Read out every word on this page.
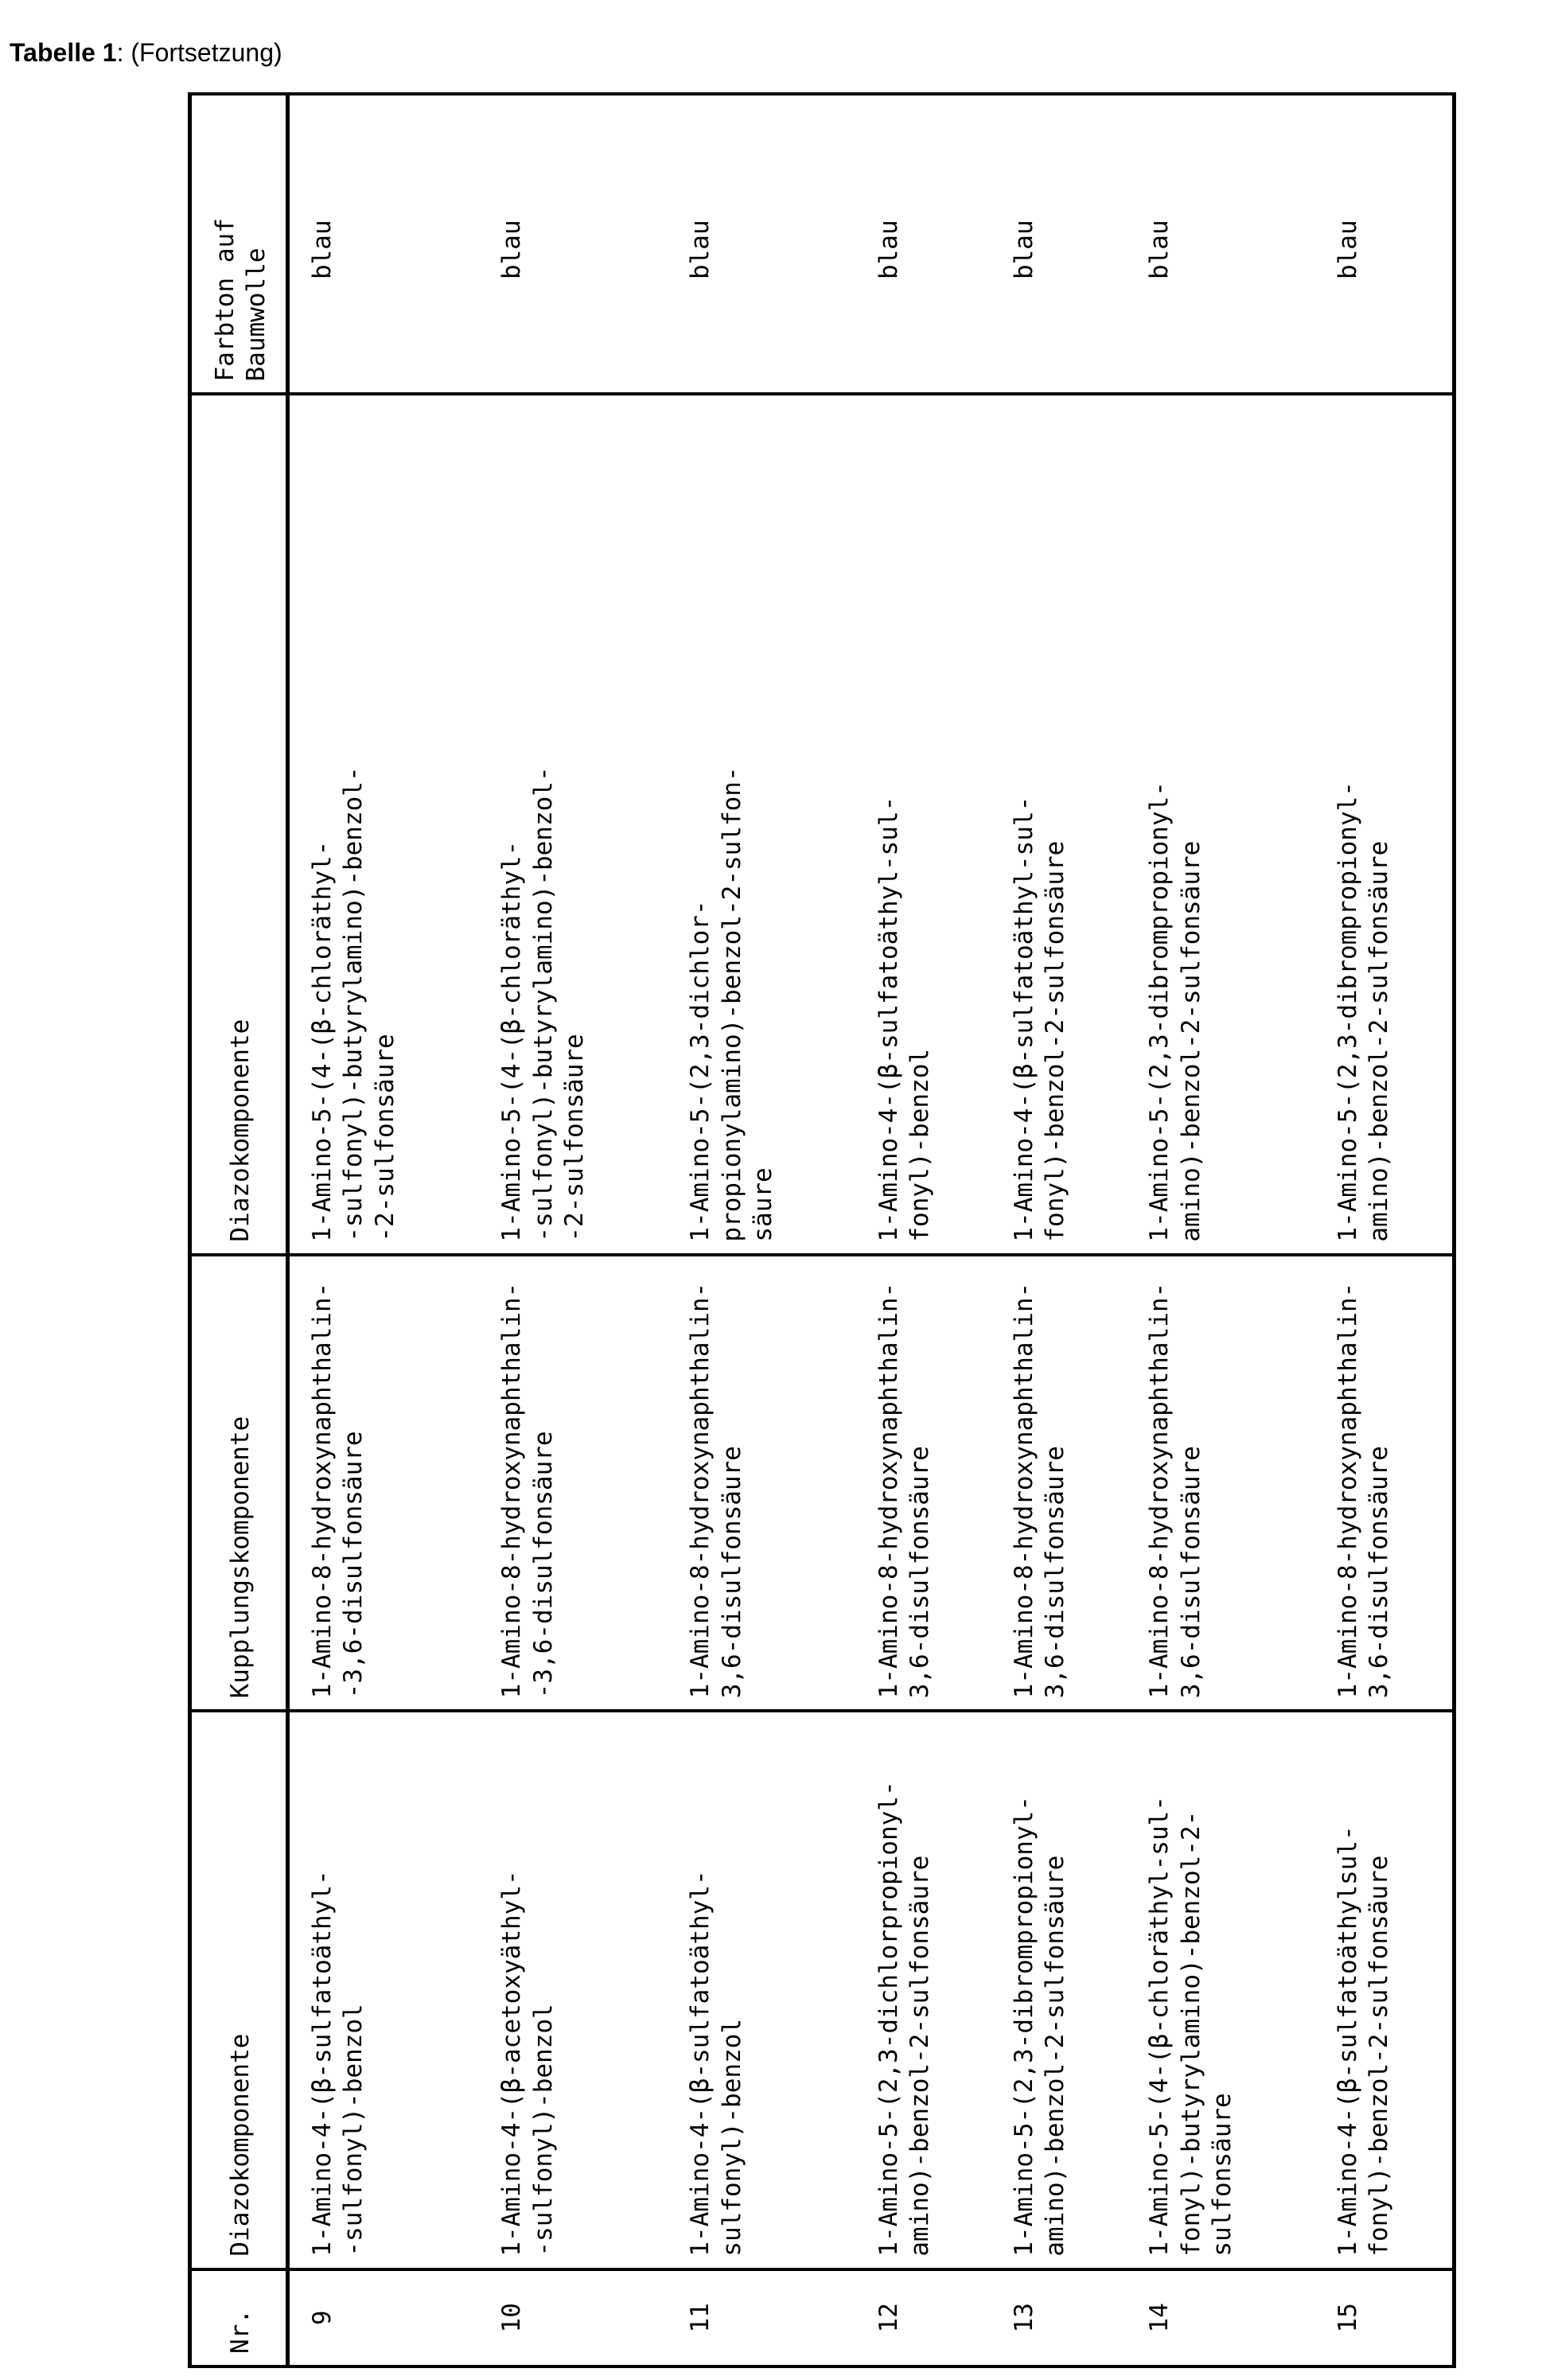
Tabelle 1: (Fortsetzung)
Nr.	Diazokomponente	Kupplungskomponente	Diazokomponente	Farbton auf
Baumwolle
9	1-Amino-4-(β-sulfatoäthyl-
-sulfonyl)-benzol	1-Amino-8-hydroxynaphthalin-
-3,6-disulfonsäure	1-Amino-5-(4-(β-chloräthyl-
-sulfonyl)-butyrylamino)-benzol-
-2-sulfonsäure	blau
10	1-Amino-4-(β-acetoxyäthyl-
-sulfonyl)-benzol	1-Amino-8-hydroxynaphthalin-
-3,6-disulfonsäure	1-Amino-5-(4-(β-chloräthyl-
-sulfonyl)-butyrylamino)-benzol-
-2-sulfonsäure	blau
11	1-Amino-4-(β-sulfatoäthyl-
sulfonyl)-benzol	1-Amino-8-hydroxynaphthalin-
3,6-disulfonsäure	1-Amino-5-(2,3-dichlor-
propionylamino)-benzol-2-sulfon-
säure	blau
12	1-Amino-5-(2,3-dichlorpropionyl-
amino)-benzol-2-sulfonsäure	1-Amino-8-hydroxynaphthalin-
3,6-disulfonsäure	1-Amino-4-(β-sulfatoäthyl-sul-
fonyl)-benzol	blau
13	1-Amino-5-(2,3-dibrompropionyl-
amino)-benzol-2-sulfonsäure	1-Amino-8-hydroxynaphthalin-
3,6-disulfonsäure	1-Amino-4-(β-sulfatoäthyl-sul-
fonyl)-benzol-2-sulfonsäure	blau
14	1-Amino-5-(4-(β-chloräthyl-sul-
fonyl)-butyrylamino)-benzol-2-
sulfonsäure	1-Amino-8-hydroxynaphthalin-
3,6-disulfonsäure	1-Amino-5-(2,3-dibrompropionyl-
amino)-benzol-2-sulfonsäure	blau
15	1-Amino-4-(β-sulfatoäthylsul-
fonyl)-benzol-2-sulfonsäure	1-Amino-8-hydroxynaphthalin-
3,6-disulfonsäure	1-Amino-5-(2,3-dibrompropionyl-
amino)-benzol-2-sulfonsäure	blau
